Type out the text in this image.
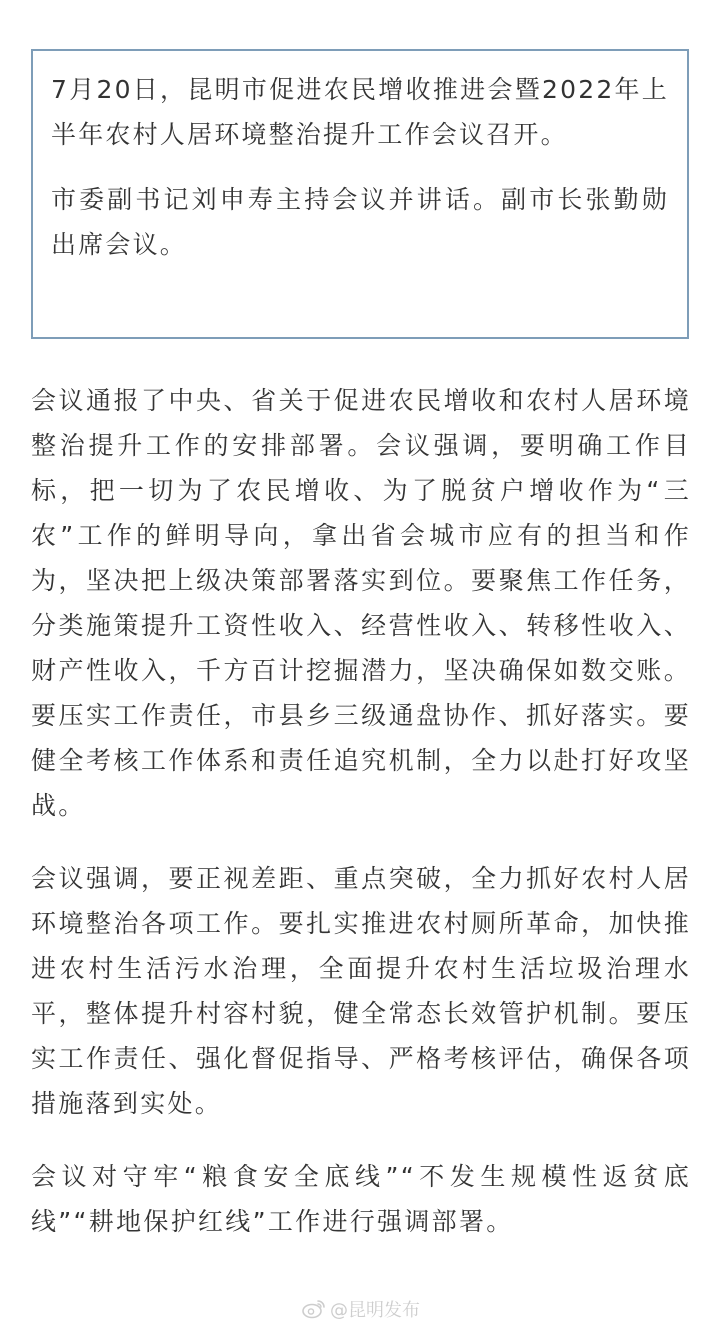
7月20日，昆明市促进农民增收推进会暨2022年上半年农村人居环境整治提升工作会议召开。

市委副书记刘申寿主持会议并讲话。副市长张勤勋出席会议。

会议通报了中央、省关于促进农民增收和农村人居环境整治提升工作的安排部署。会议强调，要明确工作目标，把一切为了农民增收、为了脱贫户增收作为“三农”工作的鲜明导向，拿出省会城市应有的担当和作为，坚决把上级决策部署落实到位。要聚焦工作任务，分类施策提升工资性收入、经营性收入、转移性收入、财产性收入，千方百计挖掘潜力，坚决确保如数交账。要压实工作责任，市县乡三级通盘协作、抓好落实。要健全考核工作体系和责任追究机制，全力以赴打好攻坚战。

会议强调，要正视差距、重点突破，全力抓好农村人居环境整治各项工作。要扎实推进农村厕所革命，加快推进农村生活污水治理，全面提升农村生活垃圾治理水平，整体提升村容村貌，健全常态长效管护机制。要压实工作责任、强化督促指导、严格考核评估，确保各项措施落到实处。

会议对守牢“粮食安全底线”“不发生规模性返贫底线”“耕地保护红线”工作进行强调部署。

@昆明发布
